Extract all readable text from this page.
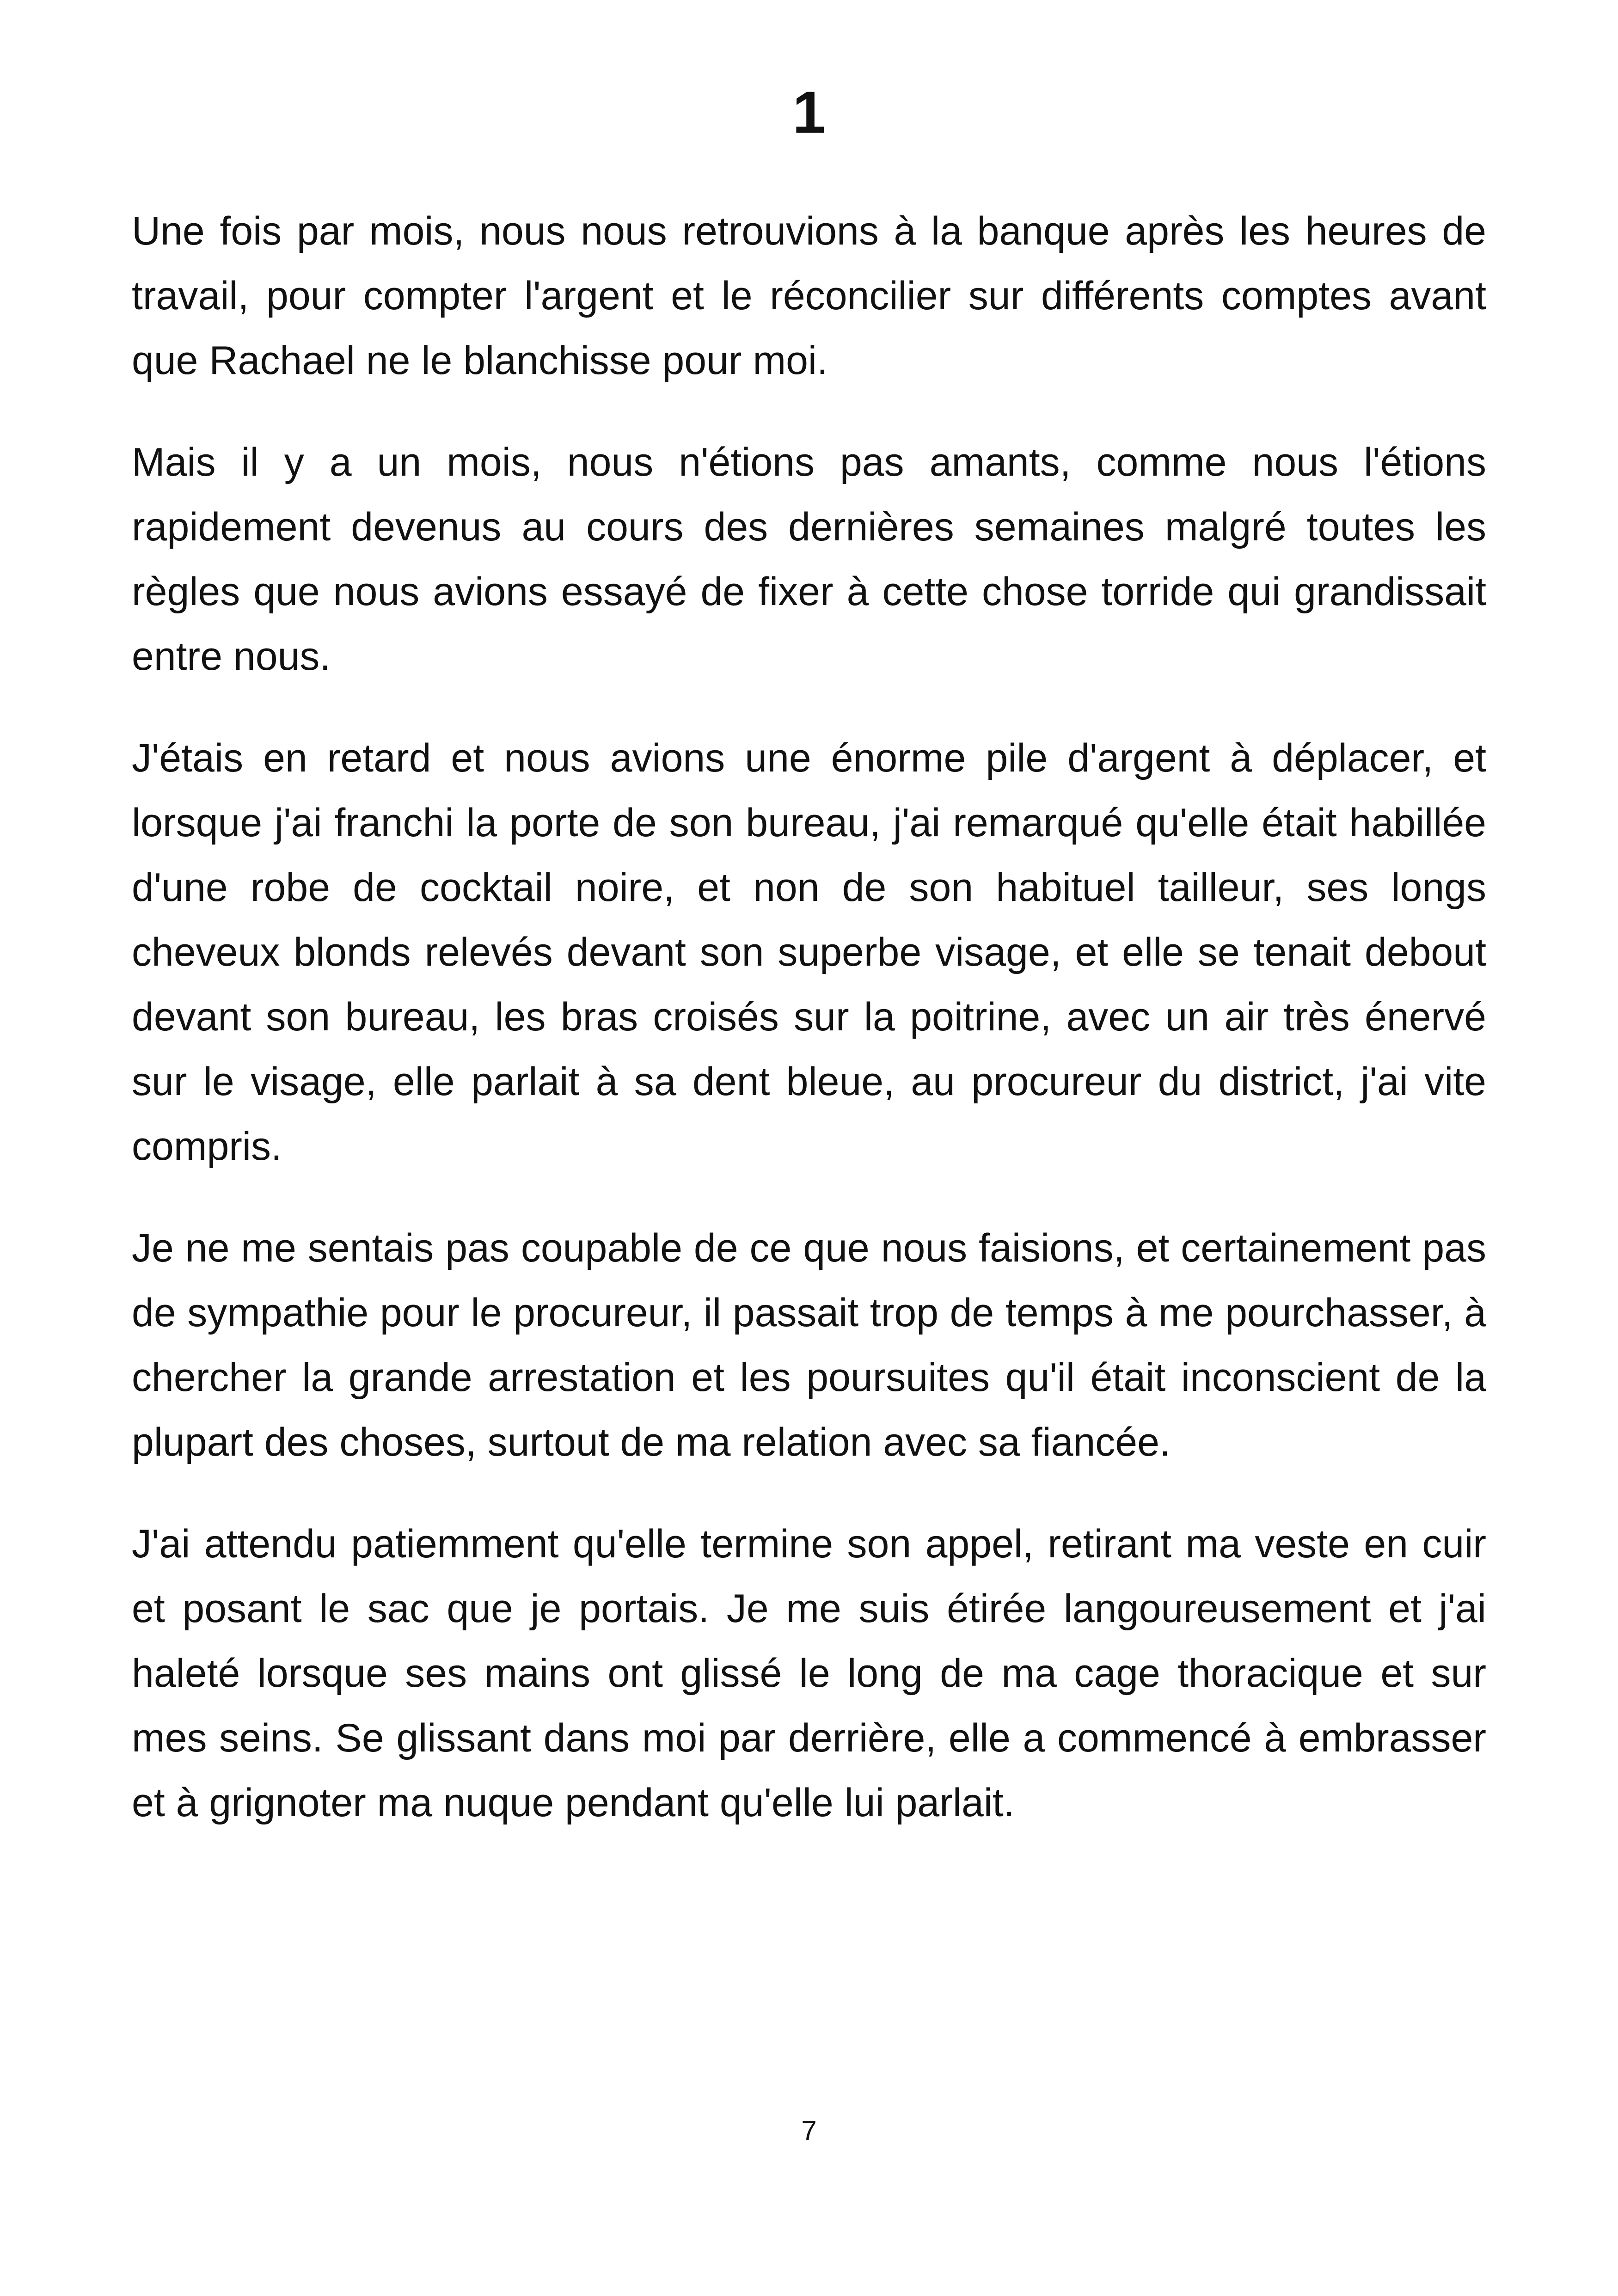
1

Une fois par mois, nous nous retrouvions à la banque après les heures de travail, pour compter l'argent et le réconcilier sur différents comptes avant que Rachael ne le blanchisse pour moi.

Mais il y a un mois, nous n'étions pas amants, comme nous l'étions rapidement devenus au cours des dernières semaines malgré toutes les règles que nous avions essayé de fixer à cette chose torride qui grandissait entre nous.

J'étais en retard et nous avions une énorme pile d'argent à déplacer, et lorsque j'ai franchi la porte de son bureau, j'ai remarqué qu'elle était habillée d'une robe de cocktail noire, et non de son habituel tailleur, ses longs cheveux blonds relevés devant son superbe visage, et elle se tenait debout devant son bureau, les bras croisés sur la poitrine, avec un air très énervé sur le visage, elle parlait à sa dent bleue, au procureur du district, j'ai vite compris.

Je ne me sentais pas coupable de ce que nous faisions, et certainement pas de sympathie pour le procureur, il passait trop de temps à me pourchasser, à chercher la grande arrestation et les poursuites qu'il était inconscient de la plupart des choses, surtout de ma relation avec sa fiancée.

J'ai attendu patiemment qu'elle termine son appel, retirant ma veste en cuir et posant le sac que je portais. Je me suis étirée langoureusement et j'ai haleté lorsque ses mains ont glissé le long de ma cage thoracique et sur mes seins. Se glissant dans moi par derrière, elle a commencé à embrasser et à grignoter ma nuque pendant qu'elle lui parlait.

7
